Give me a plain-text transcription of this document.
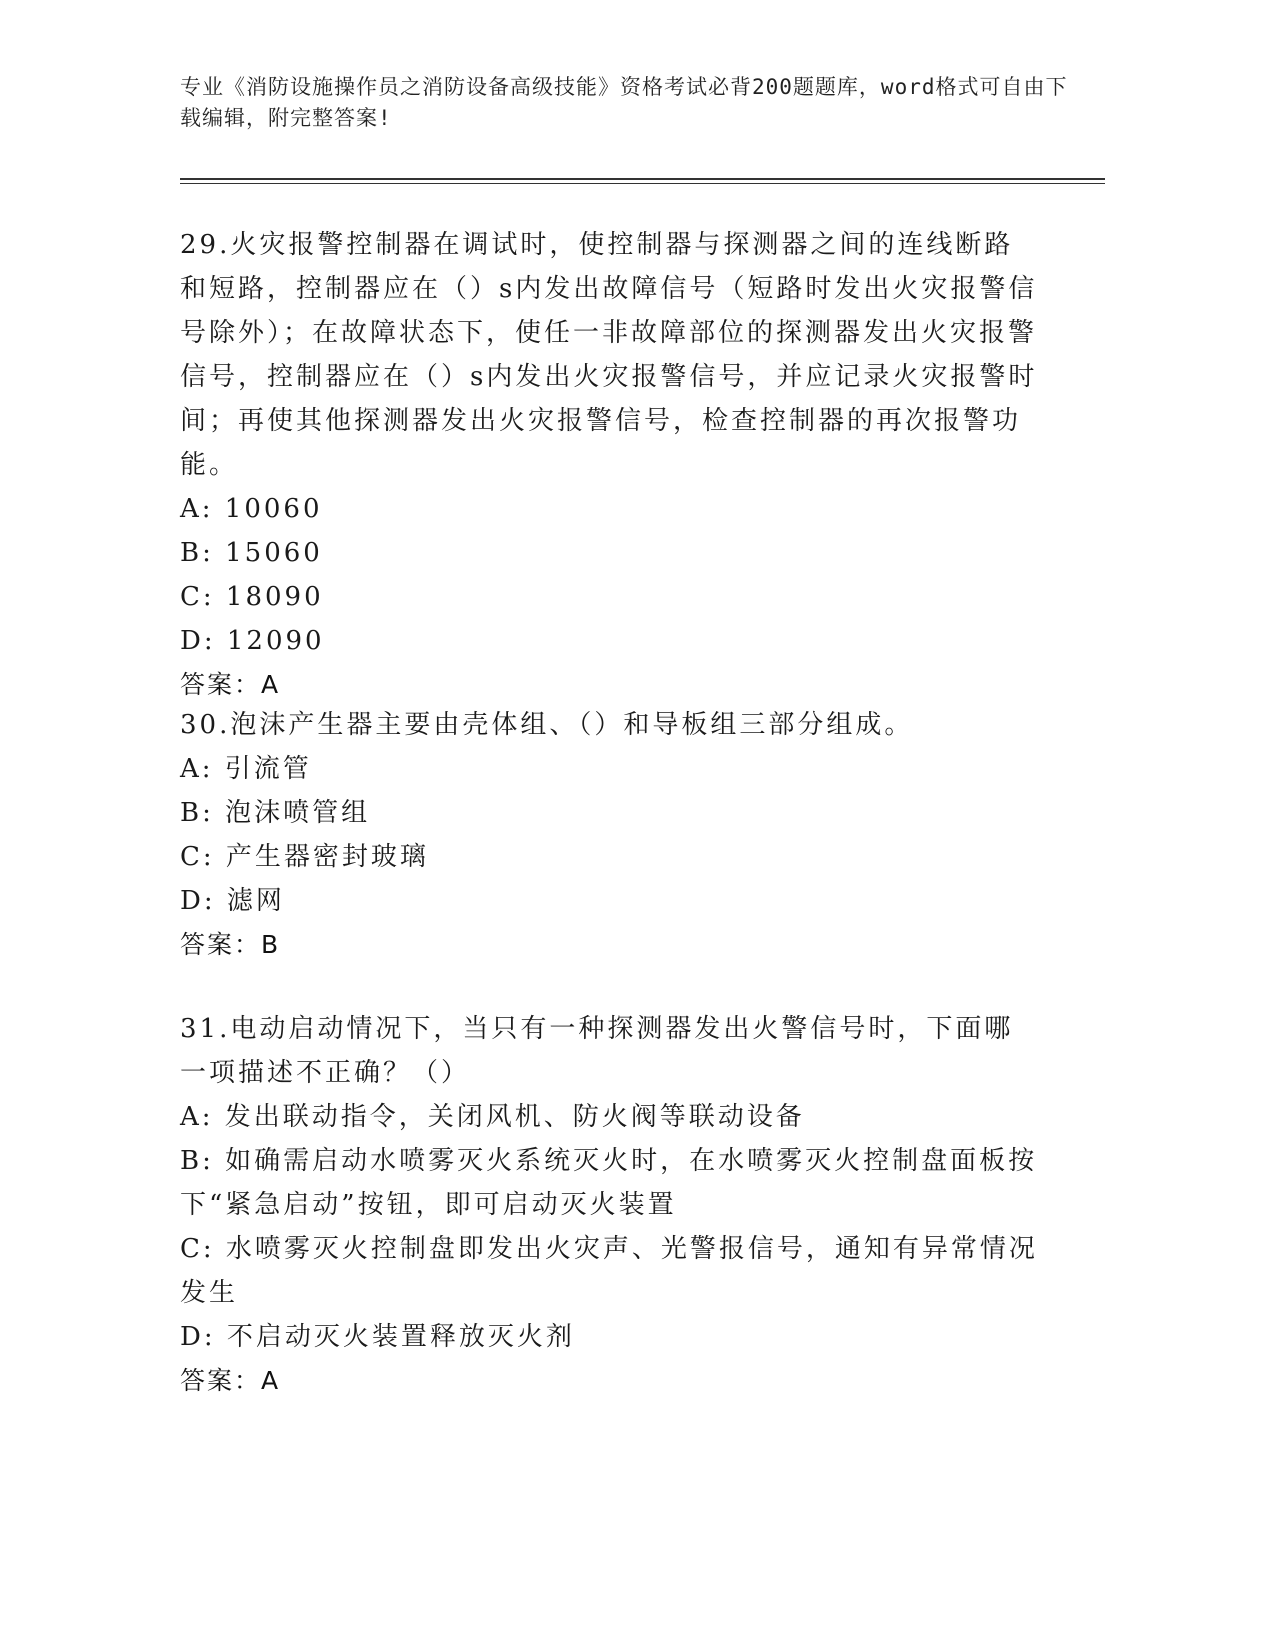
专业《消防设施操作员之消防设备高级技能》资格考试必背200题题库，word格式可自由下载编辑，附完整答案!
29.火灾报警控制器在调试时，使控制器与探测器之间的连线断路和短路，控制器应在（）s内发出故障信号（短路时发出火灾报警信号除外）；在故障状态下，使任一非故障部位的探测器发出火灾报警信号，控制器应在（）s内发出火灾报警信号，并应记录火灾报警时间；再使其他探测器发出火灾报警信号，检查控制器的再次报警功能。
A: 10060
B: 15060
C: 18090
D: 12090
答案：A
30.泡沫产生器主要由壳体组、（）和导板组三部分组成。
A: 引流管
B: 泡沫喷管组
C: 产生器密封玻璃
D: 滤网
答案：B
31.电动启动情况下，当只有一种探测器发出火警信号时，下面哪一项描述不正确？（）
A: 发出联动指令，关闭风机、防火阀等联动设备
B: 如确需启动水喷雾灭火系统灭火时，在水喷雾灭火控制盘面板按下“紧急启动”按钮，即可启动灭火装置
C: 水喷雾灭火控制盘即发出火灾声、光警报信号，通知有异常情况发生
D: 不启动灭火装置释放灭火剂
答案：A
